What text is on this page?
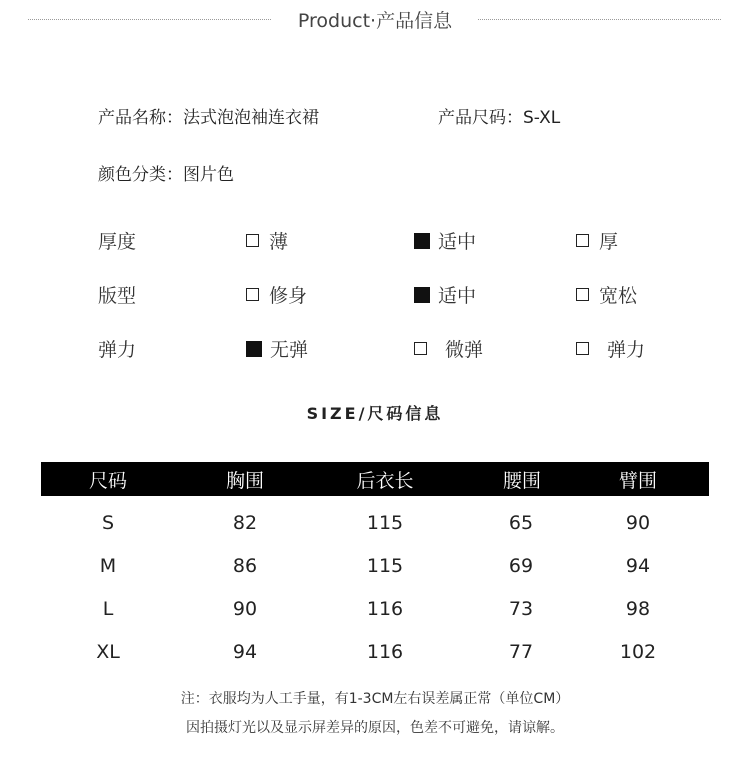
Product·产品信息
产品名称：法式泡泡袖连衣裙	产品尺码：S-XL
颜色分类：图片色
厚度	薄	适中	厚
版型	修身	适中	宽松
弹力	无弹	微弹	弹力
SIZE/尺码信息
尺码	胸围	后衣长	腰围	臂围
S	82	115	65	90
M	86	115	69	94
L	90	116	73	98
XL	94	116	77	102
注：衣服均为人工手量，有1-3CM左右误差属正常（单位CM）
因拍摄灯光以及显示屏差异的原因，色差不可避免，请谅解。
